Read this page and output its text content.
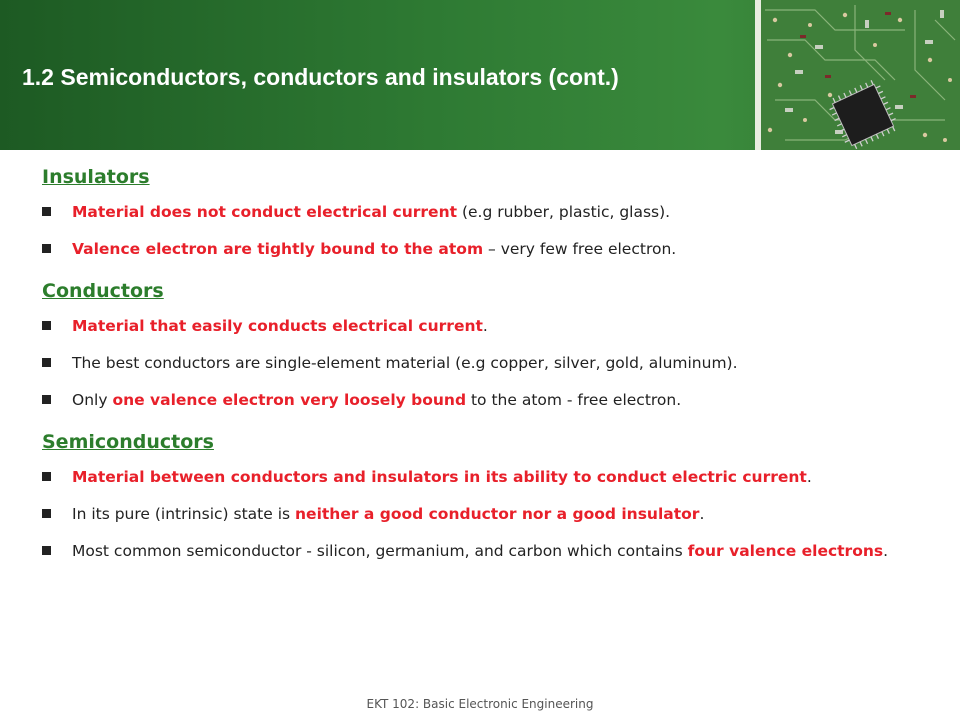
1.2 Semiconductors, conductors and insulators (cont.)
Insulators
Material does not conduct electrical current (e.g rubber, plastic, glass).
Valence electron are tightly bound to the atom – very few free electron.
Conductors
Material that easily conducts electrical current.
The best conductors are single-element material (e.g copper, silver, gold, aluminum).
Only one valence electron very loosely bound to the atom - free electron.
Semiconductors
Material between conductors and insulators in its ability to conduct electric current.
In its pure (intrinsic) state is neither a good conductor nor a good insulator.
Most common semiconductor - silicon, germanium, and carbon which contains four valence electrons.
EKT 102: Basic Electronic Engineering
